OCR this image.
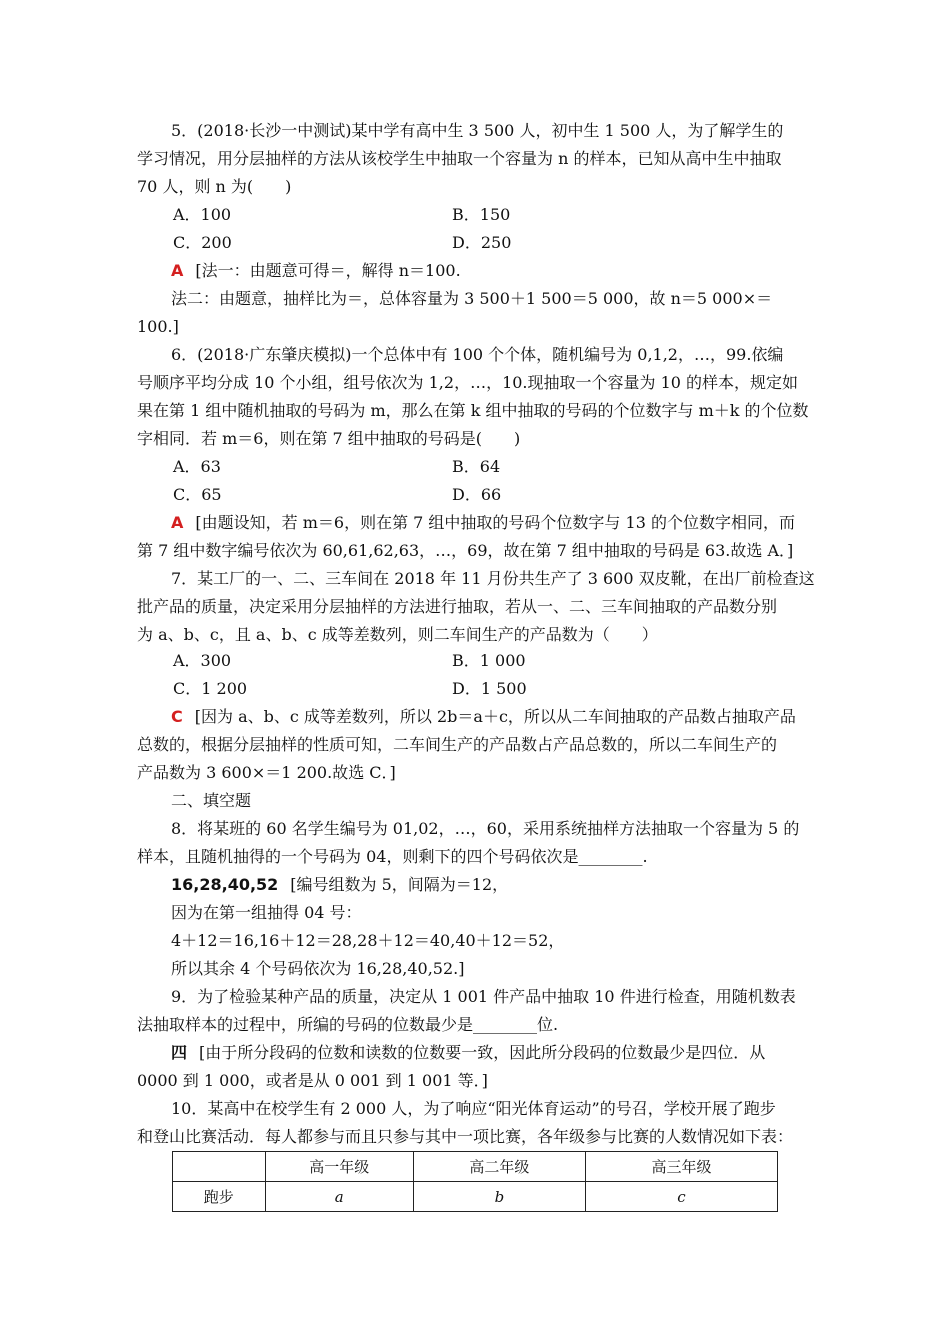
5．(2018·长沙一中测试)某中学有高中生 3 500 人，初中生 1 500 人，为了解学生的
学习情况，用分层抽样的方法从该校学生中抽取一个容量为 n 的样本，已知从高中生中抽取
70 人，则 n 为(　　)
A．100	B．150
C．200	D．250
A [法一：由题意可得＝，解得 n＝100.
法二：由题意，抽样比为＝，总体容量为 3 500＋1 500＝5 000，故 n＝5 000×＝
100.]
6．(2018·广东肇庆模拟)一个总体中有 100 个个体，随机编号为 0,1,2，…，99.依编
号顺序平均分成 10 个小组，组号依次为 1,2，…，10.现抽取一个容量为 10 的样本，规定如
果在第 1 组中随机抽取的号码为 m，那么在第 k 组中抽取的号码的个位数字与 m＋k 的个位数
字相同．若 m＝6，则在第 7 组中抽取的号码是(　　)
A．63	B．64
C．65	D．66
A [由题设知，若 m＝6，则在第 7 组中抽取的号码个位数字与 13 的个位数字相同，而
第 7 组中数字编号依次为 60,61,62,63，…，69，故在第 7 组中抽取的号码是 63.故选 A．]
7．某工厂的一、二、三车间在 2018 年 11 月份共生产了 3 600 双皮靴，在出厂前检查这
批产品的质量，决定采用分层抽样的方法进行抽取，若从一、二、三车间抽取的产品数分别
为 a、b、c，且 a、b、c 成等差数列，则二车间生产的产品数为（　　）
A．300	B．1 000
C．1 200	D．1 500
C [因为 a、b、c 成等差数列，所以 2b＝a＋c，所以从二车间抽取的产品数占抽取产品
总数的，根据分层抽样的性质可知，二车间生产的产品数占产品总数的，所以二车间生产的
产品数为 3 600×＝1 200.故选 C．]
二、填空题
8．将某班的 60 名学生编号为 01,02，…，60，采用系统抽样方法抽取一个容量为 5 的
样本，且随机抽得的一个号码为 04，则剩下的四个号码依次是________.
16,28,40,52 [编号组数为 5，间隔为＝12，
因为在第一组抽得 04 号：
4＋12＝16,16＋12＝28,28＋12＝40,40＋12＝52，
所以其余 4 个号码依次为 16,28,40,52.]
9．为了检验某种产品的质量，决定从 1 001 件产品中抽取 10 件进行检查，用随机数表
法抽取样本的过程中，所编的号码的位数最少是________位.
四 [由于所分段码的位数和读数的位数要一致，因此所分段码的位数最少是四位．从
0000 到 1 000，或者是从 0 001 到 1 001 等．]
10．某高中在校学生有 2 000 人，为了响应“阳光体育运动”的号召，学校开展了跑步
和登山比赛活动．每人都参与而且只参与其中一项比赛，各年级参与比赛的人数情况如下表：
	高一年级	高二年级	高三年级
跑步	a	b	c
